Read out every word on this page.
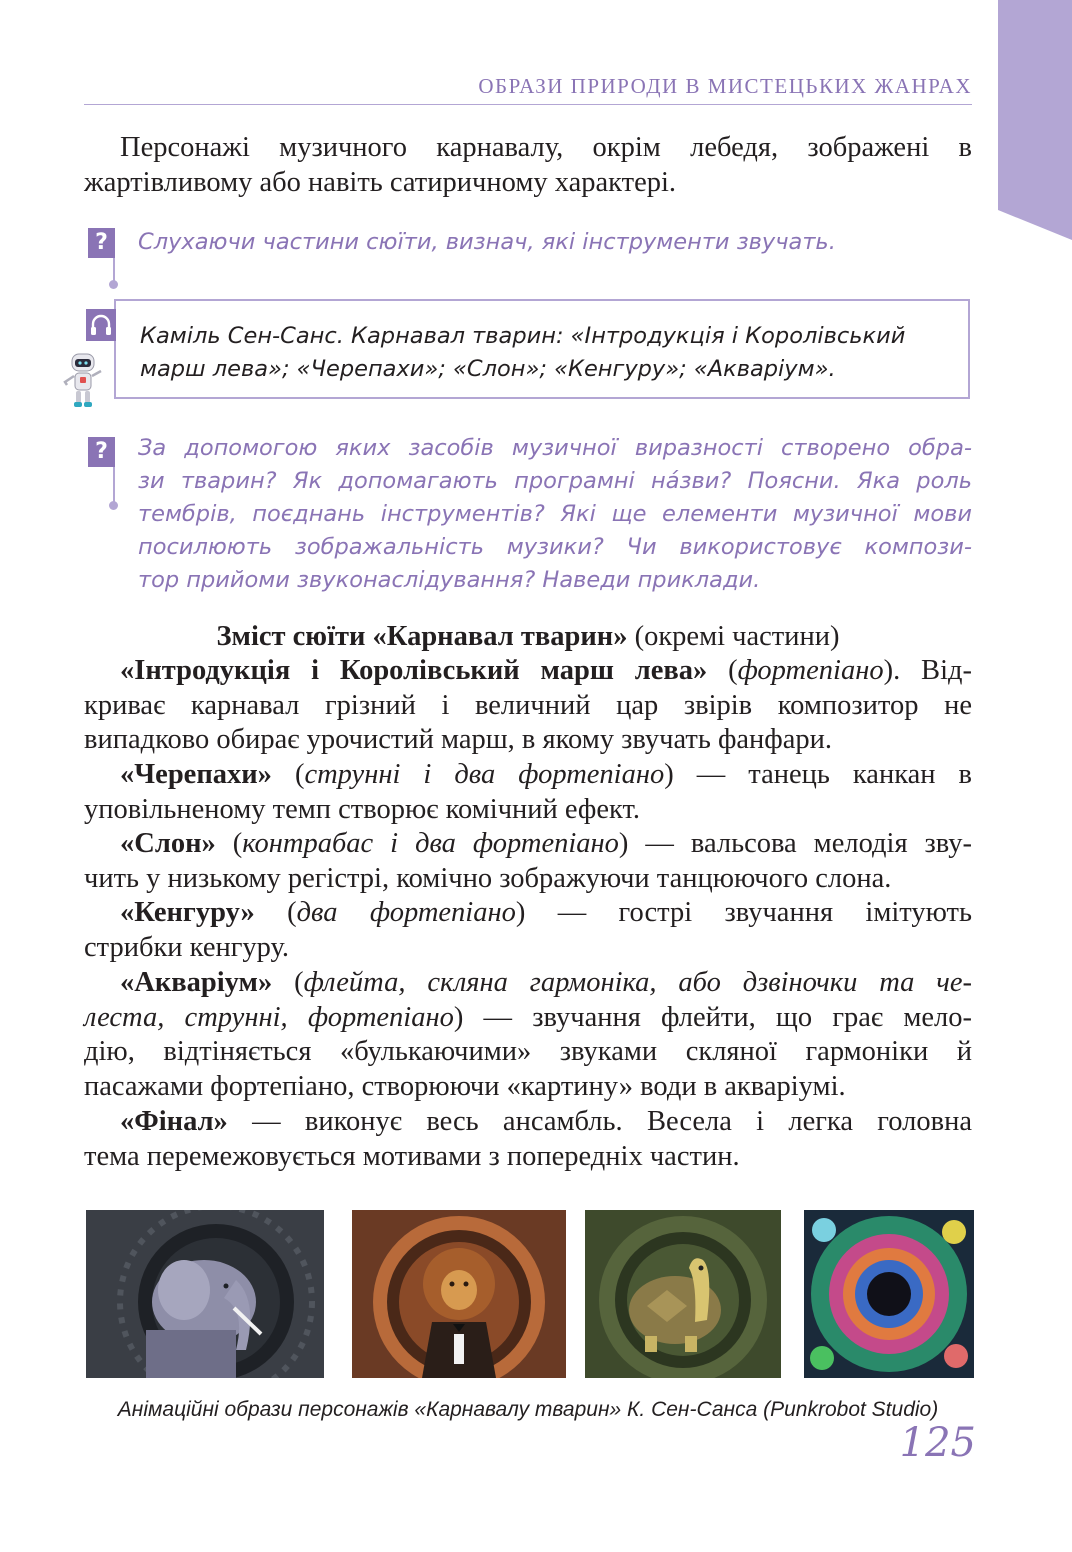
ОБРАЗИ ПРИРОДИ В МИСТЕЦЬКИХ ЖАНРАХ
Персонажі музичного карнавалу, окрім лебедя, зображені в
жартівливому або навіть сатиричному характері.
?	Слухаючи частини сюїти, визнач, які інструменти звучать.
Каміль Сен-Санс. Карнавал тварин: «Інтродукція і Королівський
марш лева»; «Черепахи»; «Слон»; «Кенгуру»; «Акваріум».
?	За допомогою яких засобів музичної виразності створено обра-
зи тварин? Як допомагають програмні на́зви? Поясни. Яка роль
тембрів, поєднань інструментів? Які ще елементи музичної мови
посилюють зображальність музики? Чи використовує компози-
тор прийоми звуконаслідування? Наведи приклади.
Зміст сюїти «Карнавал тварин» (окремі частини)
«Інтродукція і Королівський марш лева» (фортепіано). Від-
криває карнавал грізний і величний цар звірів композитор не
випадково обирає урочистий марш, в якому звучать фанфари.
«Черепахи» (струнні і два фортепіано) — танець канкан в
уповільненому темп створює комічний ефект.
«Слон» (контрабас і два фортепіано) — вальсова мелодія зву-
чить у низькому регістрі, комічно зображуючи танцюючого слона.
«Кенгуру» (два фортепіано) — гострі звучання імітують
стрибки кенгуру.
«Акваріум» (флейта, скляна гармоніка, або дзвіночки та че-
леста, струнні, фортепіано) — звучання флейти, що грає мело-
дію, відтіняється «булькаючими» звуками скляної гармоніки й
пасажами фортепіано, створюючи «картину» води в акваріумі.
«Фінал» — виконує весь ансамбль. Весела і легка головна
тема перемежовується мотивами з попередніх частин.
Анімаційні образи персонажів «Карнавалу тварин» К. Сен-Санса (Punkrobot Studio)
125
